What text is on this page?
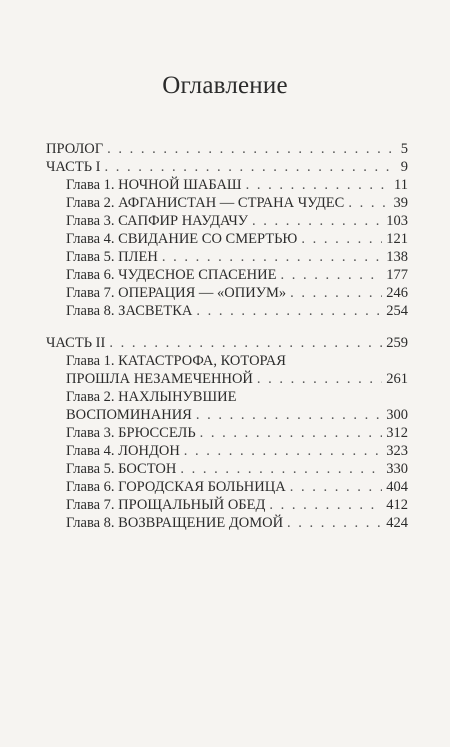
Оглавление
ПРОЛОГ . . .	5
ЧАСТЬ I . . .	9
Глава 1. НОЧНОЙ ШАБАШ . . .	11
Глава 2. АФГАНИСТАН — СТРАНА ЧУДЕС . . .	39
Глава 3. САПФИР НАУДАЧУ . . .	103
Глава 4. СВИДАНИЕ СО СМЕРТЬЮ . . .	121
Глава 5. ПЛЕН . . .	138
Глава 6. ЧУДЕСНОЕ СПАСЕНИЕ . . .	177
Глава 7. ОПЕРАЦИЯ — «ОПИУМ» . . .	246
Глава 8. ЗАСВЕТКА . . .	254
ЧАСТЬ II . . .	259
Глава 1. КАТАСТРОФА, КОТОРАЯ
ПРОШЛА НЕЗАМЕЧЕННОЙ . . .	261
Глава 2. НАХЛЫНУВШИЕ
ВОСПОМИНАНИЯ . . .	300
Глава 3. БРЮССЕЛЬ . . .	312
Глава 4. ЛОНДОН . . .	323
Глава 5. БОСТОН . . .	330
Глава 6. ГОРОДСКАЯ БОЛЬНИЦА . . .	404
Глава 7. ПРОЩАЛЬНЫЙ ОБЕД . . .	412
Глава 8. ВОЗВРАЩЕНИЕ ДОМОЙ . . .	424
